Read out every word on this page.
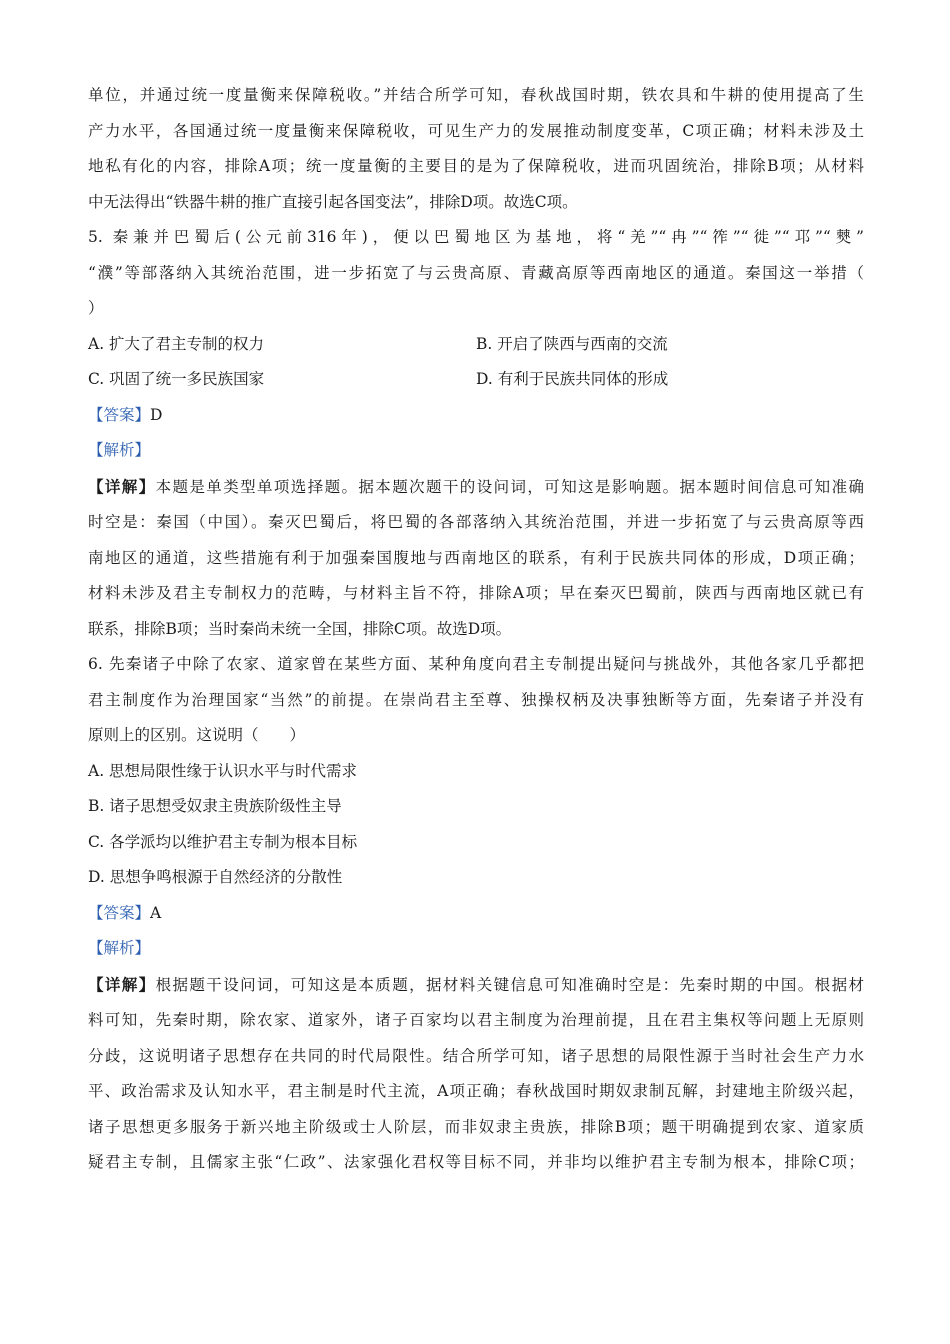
单位，并通过统一度量衡来保障税收。”并结合所学可知，春秋战国时期，铁农具和牛耕的使用提高了生
产力水平，各国通过统一度量衡来保障税收，可见生产力的发展推动制度变革，C项正确；材料未涉及土
地私有化的内容，排除A项；统一度量衡的主要目的是为了保障税收，进而巩固统治，排除B项；从材料
中无法得出“铁器牛耕的推广直接引起各国变法”，排除D项。故选C项。
5. 秦兼并巴蜀后(公元前316年)，便以巴蜀地区为基地，将“羌”“冉”“筰”“徙”“邛”“僰”
“濮”等部落纳入其统治范围，进一步拓宽了与云贵高原、青藏高原等西南地区的通道。秦国这一举措（
）
A. 扩大了君主专制的权力	B. 开启了陕西与西南的交流
C. 巩固了统一多民族国家	D. 有利于民族共同体的形成
【答案】D
【解析】
【详解】本题是单类型单项选择题。据本题次题干的设问词，可知这是影响题。据本题时间信息可知准确
时空是：秦国（中国）。秦灭巴蜀后，将巴蜀的各部落纳入其统治范围，并进一步拓宽了与云贵高原等西
南地区的通道，这些措施有利于加强秦国腹地与西南地区的联系，有利于民族共同体的形成，D项正确；
材料未涉及君主专制权力的范畴，与材料主旨不符，排除A项；早在秦灭巴蜀前，陕西与西南地区就已有
联系，排除B项；当时秦尚未统一全国，排除C项。故选D项。
6. 先秦诸子中除了农家、道家曾在某些方面、某种角度向君主专制提出疑问与挑战外，其他各家几乎都把
君主制度作为治理国家“当然”的前提。在崇尚君主至尊、独操权柄及决事独断等方面，先秦诸子并没有
原则上的区别。这说明（　　）
A. 思想局限性缘于认识水平与时代需求
B. 诸子思想受奴隶主贵族阶级性主导
C. 各学派均以维护君主专制为根本目标
D. 思想争鸣根源于自然经济的分散性
【答案】A
【解析】
【详解】根据题干设问词，可知这是本质题，据材料关键信息可知准确时空是：先秦时期的中国。根据材
料可知，先秦时期，除农家、道家外，诸子百家均以君主制度为治理前提，且在君主集权等问题上无原则
分歧，这说明诸子思想存在共同的时代局限性。结合所学可知，诸子思想的局限性源于当时社会生产力水
平、政治需求及认知水平，君主制是时代主流，A项正确；春秋战国时期奴隶制瓦解，封建地主阶级兴起，
诸子思想更多服务于新兴地主阶级或士人阶层，而非奴隶主贵族，排除B项；题干明确提到农家、道家质
疑君主专制，且儒家主张“仁政”、法家强化君权等目标不同，并非均以维护君主专制为根本，排除C项；
